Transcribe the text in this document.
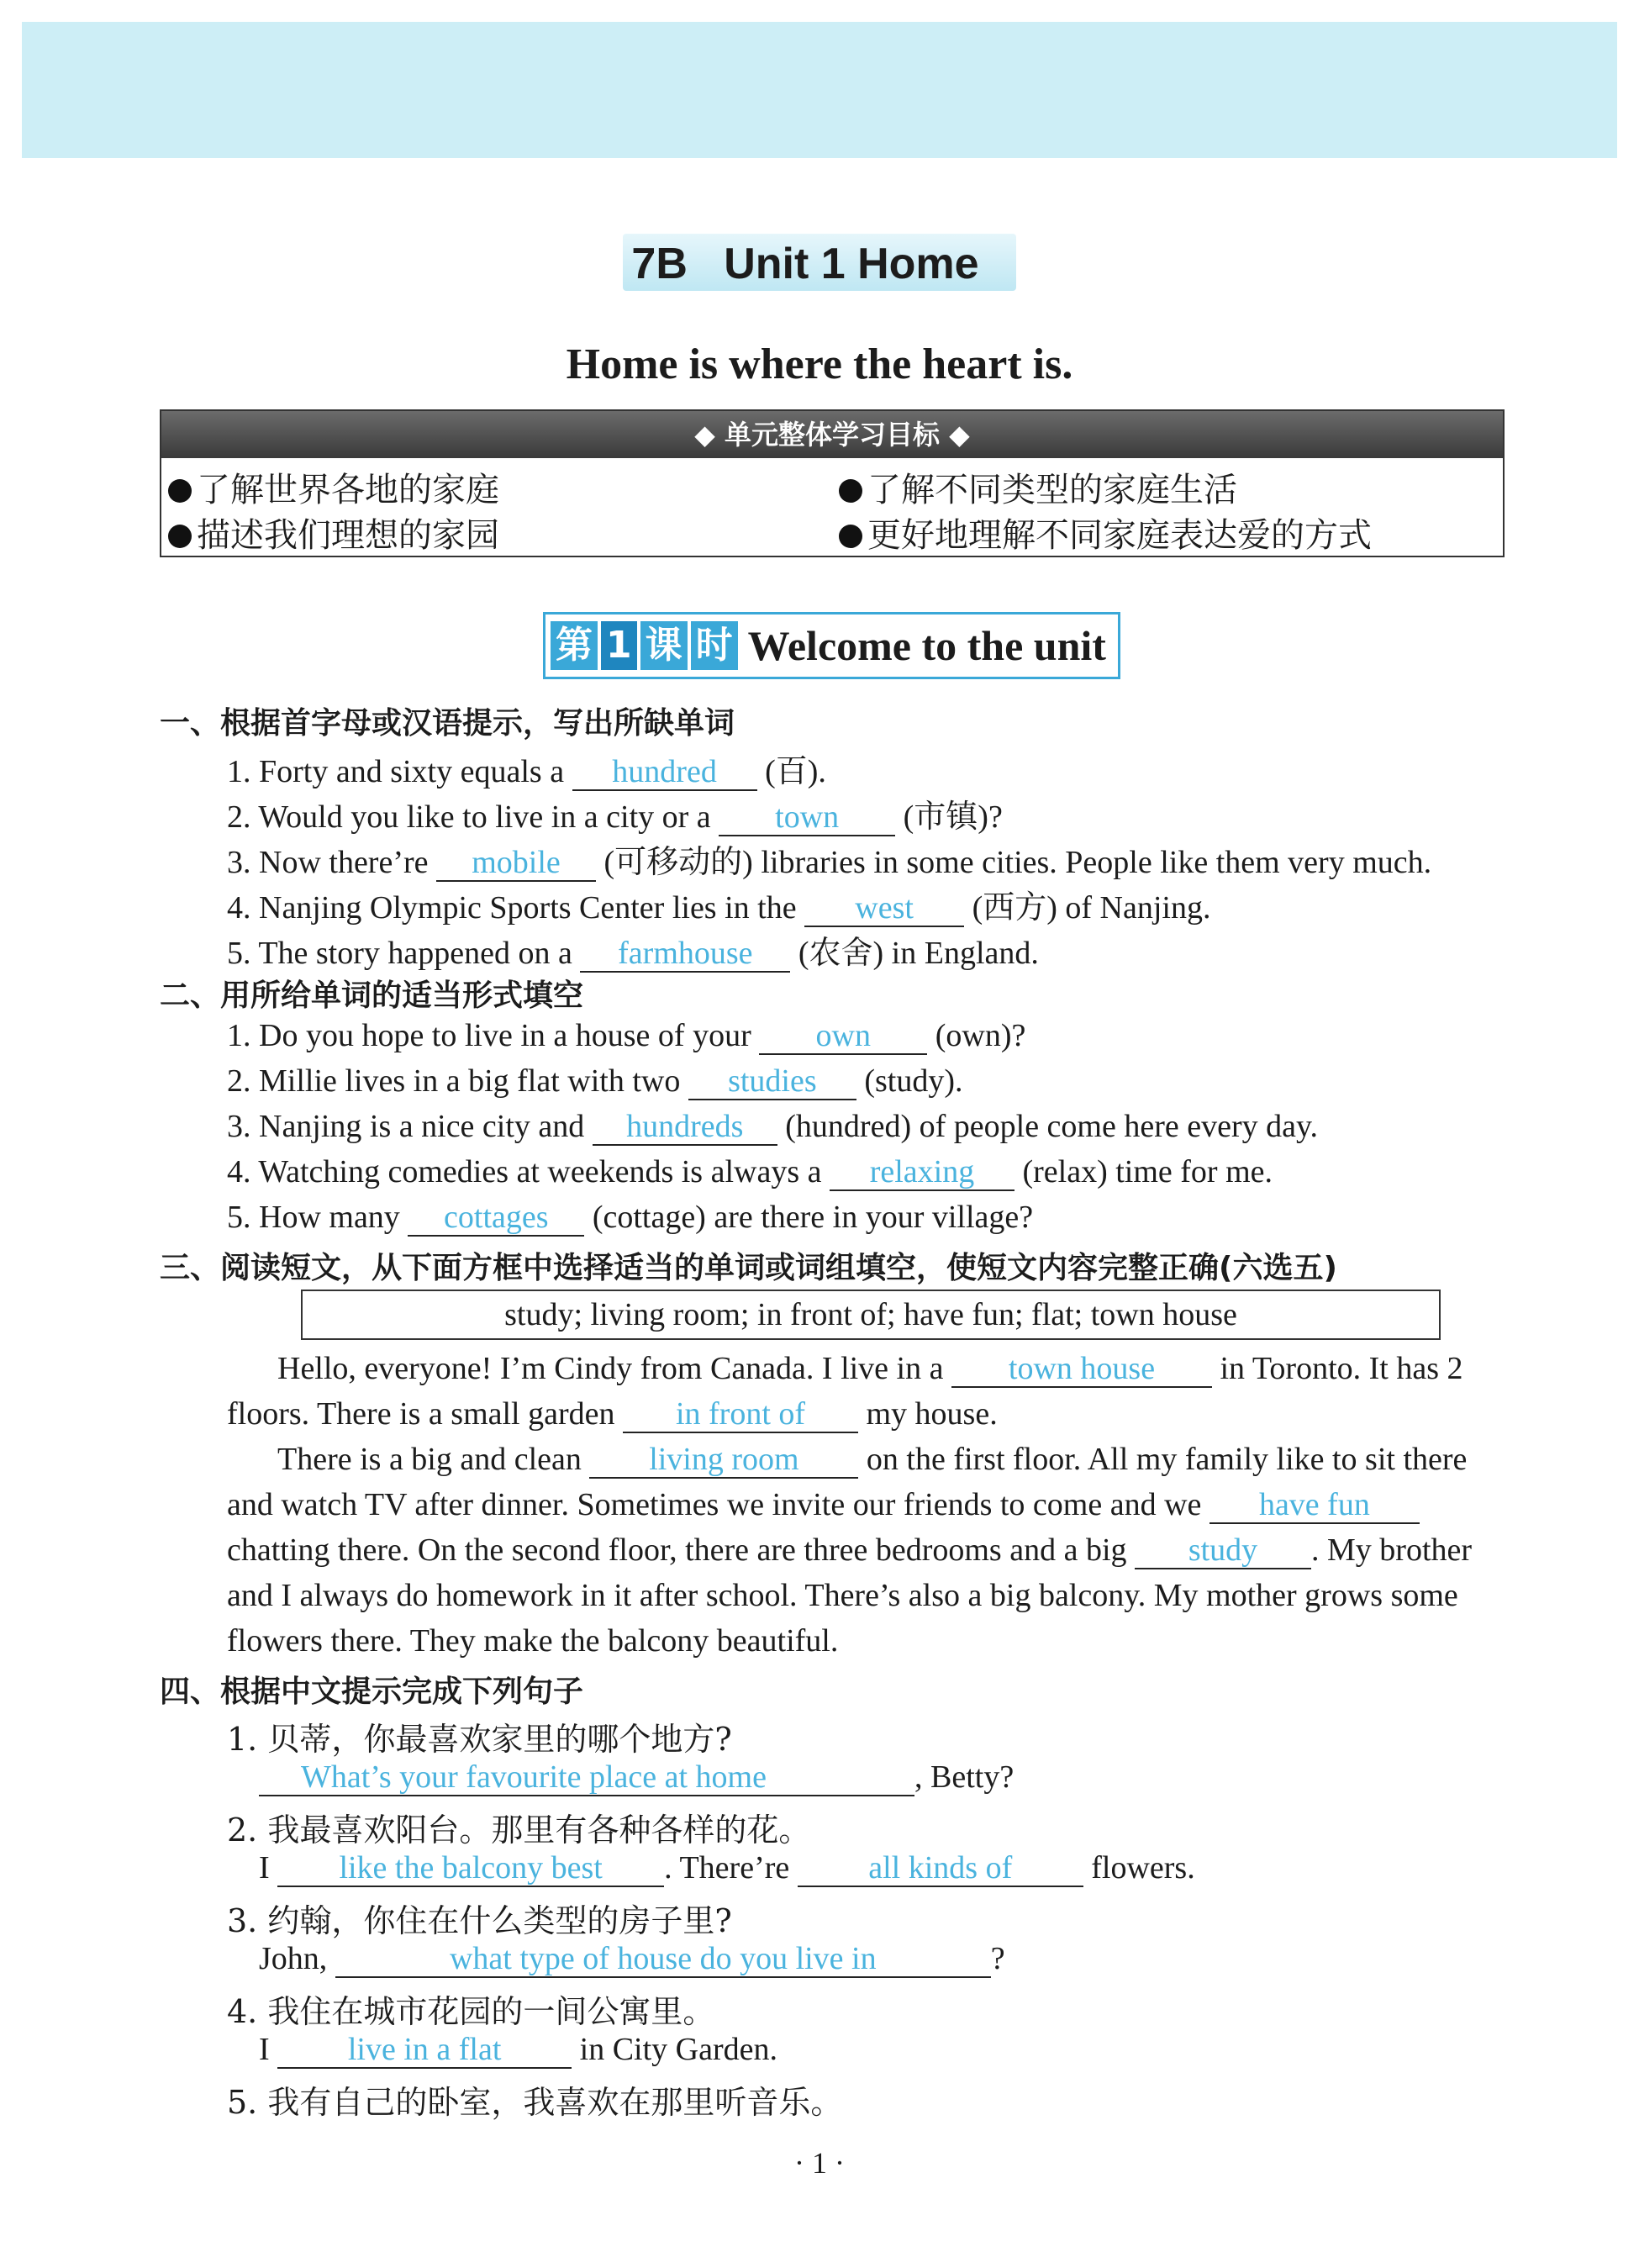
7B   Unit 1 Home
Home is where the heart is.
◆ 单元整体学习目标 ◆
了解世界各地的家庭	了解不同类型的家庭生活
描述我们理想的家园	更好地理解不同家庭表达爱的方式
第 1 课 时 Welcome to the unit
一、根据首字母或汉语提示，写出所缺单词
1. Forty and sixty equals a hundred (百).
2. Would you like to live in a city or a town (市镇)?
3. Now there’re mobile (可移动的) libraries in some cities. People like them very much.
4. Nanjing Olympic Sports Center lies in the west (西方) of Nanjing.
5. The story happened on a farmhouse (农舍) in England.
二、用所给单词的适当形式填空
1. Do you hope to live in a house of your own (own)?
2. Millie lives in a big flat with two studies (study).
3. Nanjing is a nice city and hundreds (hundred) of people come here every day.
4. Watching comedies at weekends is always a relaxing (relax) time for me.
5. How many cottages (cottage) are there in your village?
三、阅读短文，从下面方框中选择适当的单词或词组填空，使短文内容完整正确(六选五)
study; living room; in front of; have fun; flat; town house
Hello, everyone! I’m Cindy from Canada. I live in a town house in Toronto. It has 2
floors. There is a small garden in front of my house.
There is a big and clean living room on the first floor. All my family like to sit there
and watch TV after dinner. Sometimes we invite our friends to come and we have fun
chatting there. On the second floor, there are three bedrooms and a big study . My brother
and I always do homework in it after school. There’s also a big balcony. My mother grows some
flowers there. They make the balcony beautiful.
四、根据中文提示完成下列句子
1. 贝蒂，你最喜欢家里的哪个地方?
What’s your favourite place at home	, Betty?
2. 我最喜欢阳台。那里有各种各样的花。
I like the balcony best . There’re all kinds of flowers.
3. 约翰，你住在什么类型的房子里?
John,	what type of house do you live in	?
4. 我住在城市花园的一间公寓里。
I live in a flat in City Garden.
5. 我有自己的卧室，我喜欢在那里听音乐。
· 1 ·
